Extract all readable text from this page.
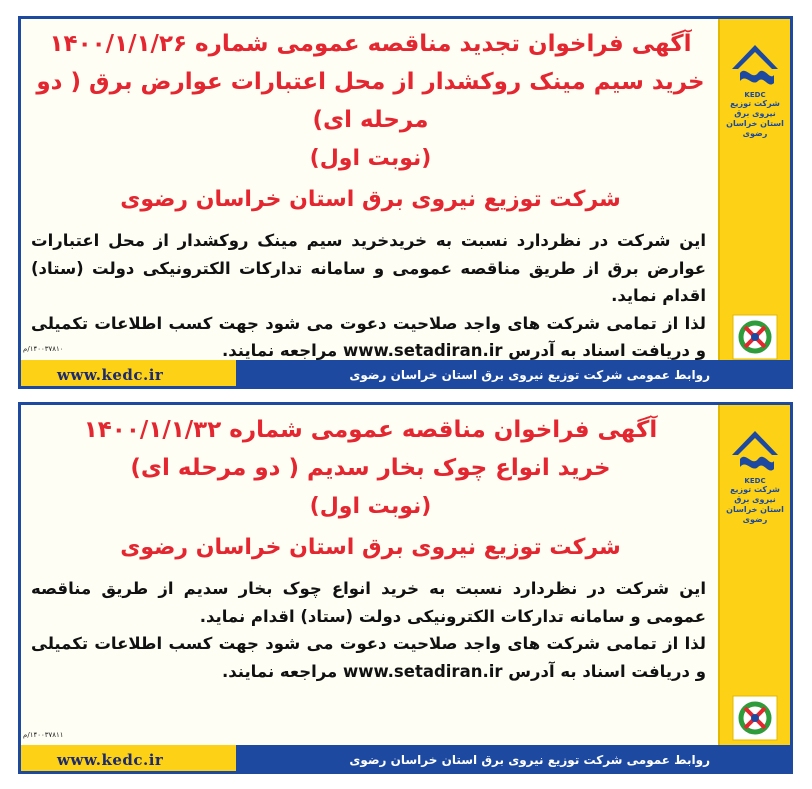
KEDC
شرکت توزیع نیروی برق استان خراسان رضوی
آگهی فراخوان تجدید مناقصه عمومی شماره ۱۴۰۰/۱/۱/۲۶
خرید سیم مینک روکشدار از محل اعتبارات عوارض برق ( دو مرحله ای)
(نوبت اول)
شرکت توزیع نیروی برق استان خراسان رضوی

این شرکت در نظردارد نسبت به خریدخرید سیم مینک روکشدار از محل اعتبارات عوارض برق از طریق مناقصه عمومی و سامانه تدارکات الکترونیکی دولت (ستاد) اقدام نماید.

لذا از تمامی شرکت های واجد صلاحیت دعوت می شود جهت کسب اطلاعات تکمیلی و دریافت اسناد به آدرس www.setadiran.ir مراجعه نمایند.

۱۴۰۰۳۷۸۱۰/م
www.kedc.ir	روابط عمومی شرکت توزیع نیروی برق استان خراسان رضوی
KEDC
شرکت توزیع نیروی برق استان خراسان رضوی
آگهی فراخوان مناقصه عمومی شماره ۱۴۰۰/۱/۱/۳۲
خرید انواع چوک بخار سدیم ( دو مرحله ای)
(نوبت اول)
شرکت توزیع نیروی برق استان خراسان رضوی

این شرکت در نظردارد نسبت به خرید انواع چوک بخار سدیم از طریق مناقصه عمومی و سامانه تدارکات الکترونیکی دولت (ستاد) اقدام نماید.

لذا از تمامی شرکت های واجد صلاحیت دعوت می شود جهت کسب اطلاعات تکمیلی و دریافت اسناد به آدرس www.setadiran.ir مراجعه نمایند.

۱۴۰۰۳۷۸۱۱/م
www.kedc.ir	روابط عمومی شرکت توزیع نیروی برق استان خراسان رضوی
